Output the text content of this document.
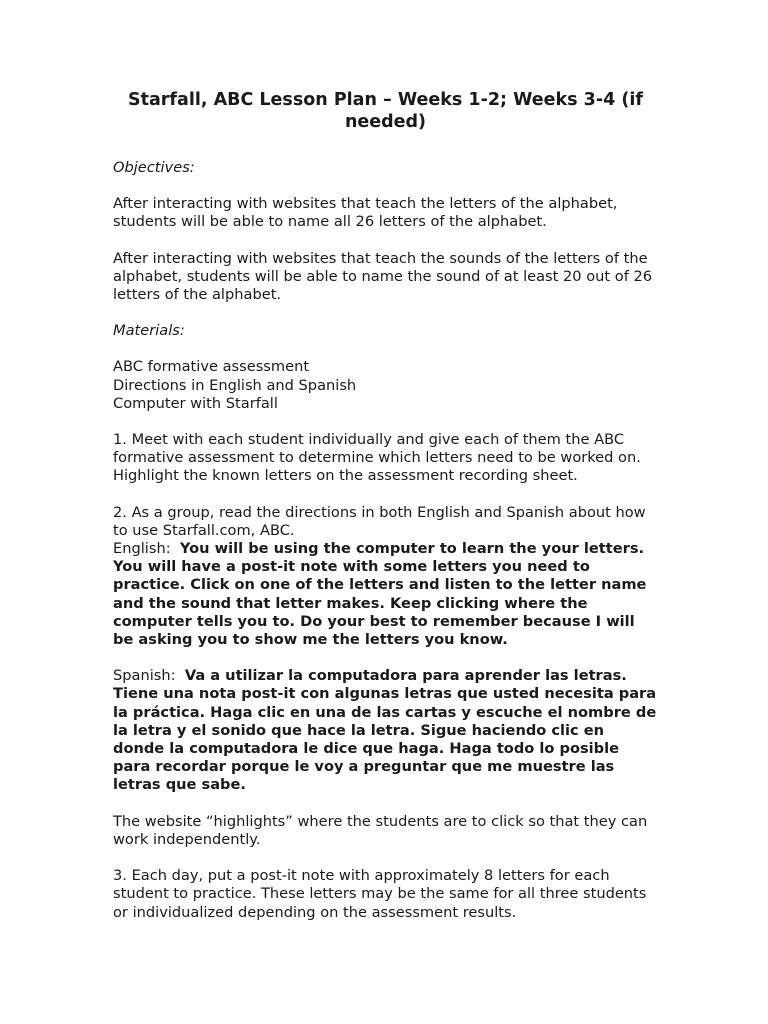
Starfall, ABC Lesson Plan – Weeks 1-2; Weeks 3-4 (if needed)
Objectives:

After interacting with websites that teach the letters of the alphabet, students will be able to name all 26 letters of the alphabet.

After interacting with websites that teach the sounds of the letters of the alphabet, students will be able to name the sound of at least 20 out of 26 letters of the alphabet.

Materials:
ABC formative assessment
Directions in English and Spanish
Computer with Starfall

1. Meet with each student individually and give each of them the ABC formative assessment to determine which letters need to be worked on. Highlight the known letters on the assessment recording sheet.

2. As a group, read the directions in both English and Spanish about how to use Starfall.com, ABC.

English: You will be using the computer to learn the your letters. You will have a post-it note with some letters you need to practice. Click on one of the letters and listen to the letter name and the sound that letter makes. Keep clicking where the computer tells you to. Do your best to remember because I will be asking you to show me the letters you know.
Spanish: Va a utilizar la computadora para aprender las letras. Tiene una nota post-it con algunas letras que usted necesita para la práctica. Haga clic en una de las cartas y escuche el nombre de la letra y el sonido que hace la letra. Sigue haciendo clic en donde la computadora le dice que haga. Haga todo lo posible para recordar porque le voy a preguntar que me muestre las letras que sabe.

The website “highlights” where the students are to click so that they can work independently.

3. Each day, put a post-it note with approximately 8 letters for each student to practice. These letters may be the same for all three students or individualized depending on the assessment results.
